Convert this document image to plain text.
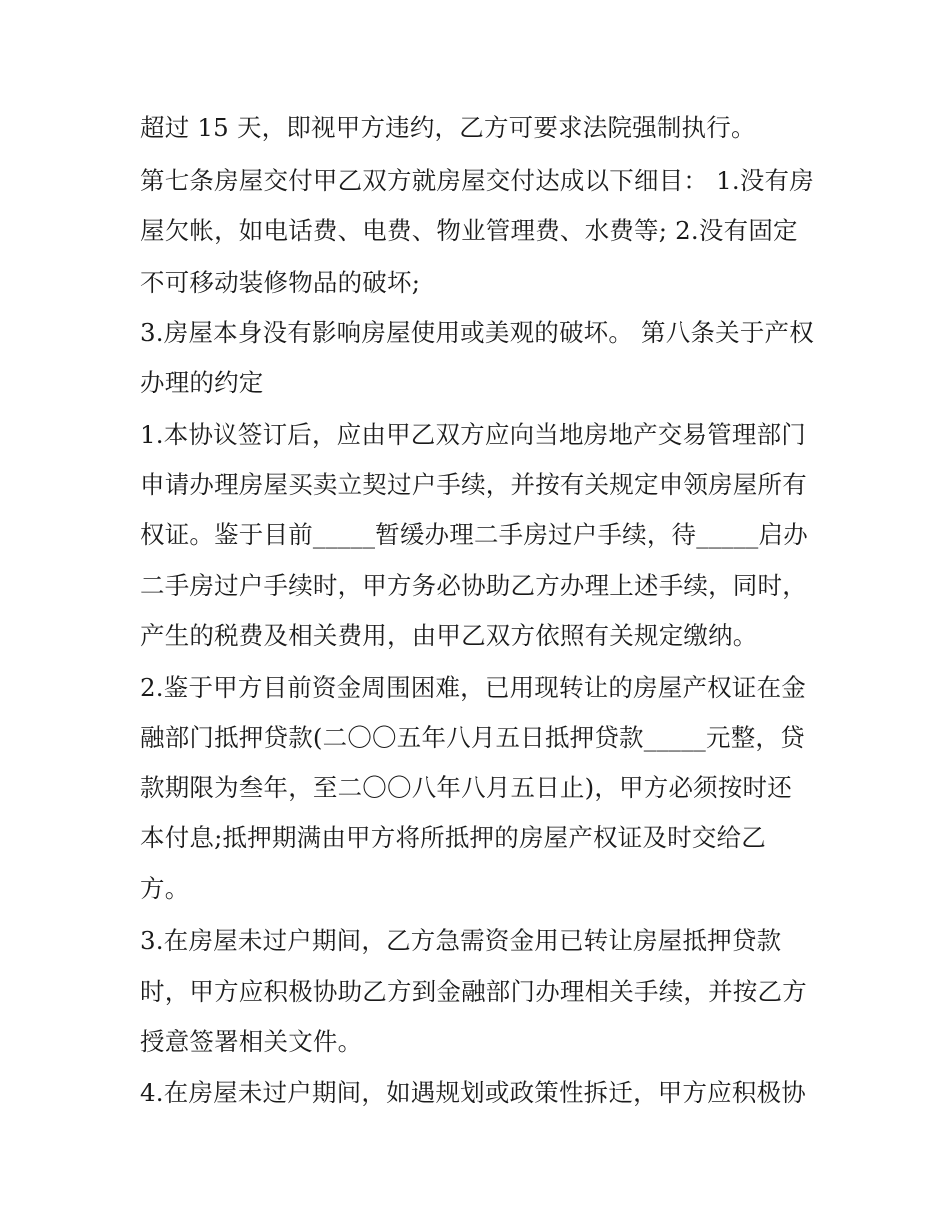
超过 15 天，即视甲方违约，乙方可要求法院强制执行。

第七条房屋交付甲乙双方就房屋交付达成以下细目： 1.没有房

屋欠帐，如电话费、电费、物业管理费、水费等; 2.没有固定

不可移动装修物品的破坏;

3.房屋本身没有影响房屋使用或美观的破坏。 第八条关于产权

办理的约定

1.本协议签订后，应由甲乙双方应向当地房地产交易管理部门

申请办理房屋买卖立契过户手续，并按有关规定申领房屋所有

权证。鉴于目前_____暂缓办理二手房过户手续，待_____启办

二手房过户手续时，甲方务必协助乙方办理上述手续，同时，

产生的税费及相关费用，由甲乙双方依照有关规定缴纳。

2.鉴于甲方目前资金周围困难，已用现转让的房屋产权证在金

融部门抵押贷款(二〇〇五年八月五日抵押贷款_____元整，贷

款期限为叁年，至二〇〇八年八月五日止)，甲方必须按时还

本付息;抵押期满由甲方将所抵押的房屋产权证及时交给乙

方。

3.在房屋未过户期间，乙方急需资金用已转让房屋抵押贷款

时，甲方应积极协助乙方到金融部门办理相关手续，并按乙方

授意签署相关文件。

4.在房屋未过户期间，如遇规划或政策性拆迁，甲方应积极协
